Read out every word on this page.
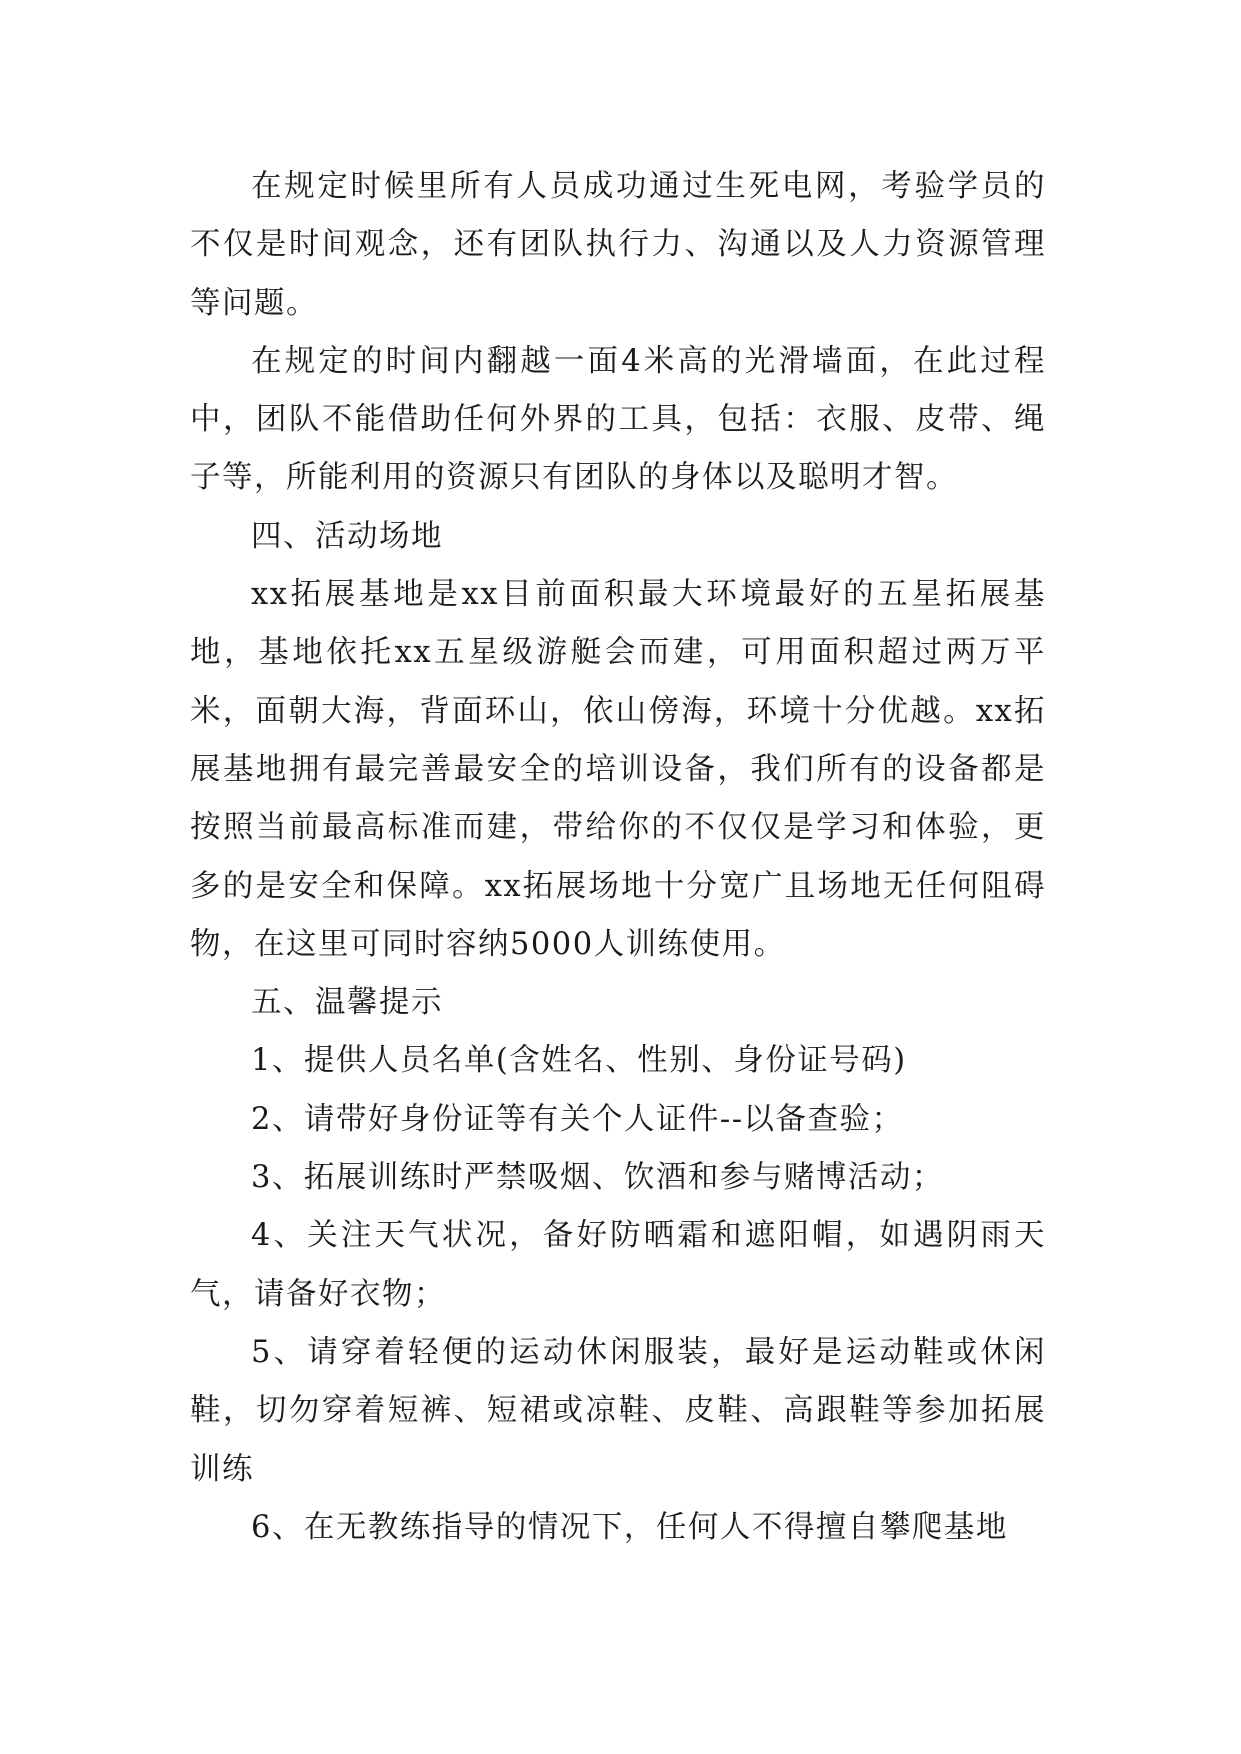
在规定时候里所有人员成功通过生死电网，考验学员的不仅是时间观念，还有团队执行力、沟通以及人力资源管理等问题。

在规定的时间内翻越一面4米高的光滑墙面，在此过程中，团队不能借助任何外界的工具，包括：衣服、皮带、绳子等，所能利用的资源只有团队的身体以及聪明才智。

四、活动场地

xx拓展基地是xx目前面积最大环境最好的五星拓展基地，基地依托xx五星级游艇会而建，可用面积超过两万平米，面朝大海，背面环山，依山傍海，环境十分优越。xx拓展基地拥有最完善最安全的培训设备，我们所有的设备都是按照当前最高标准而建，带给你的不仅仅是学习和体验，更多的是安全和保障。xx拓展场地十分宽广且场地无任何阻碍物，在这里可同时容纳5000人训练使用。

五、温馨提示

1、提供人员名单(含姓名、性别、身份证号码)

2、请带好身份证等有关个人证件--以备查验；

3、拓展训练时严禁吸烟、饮酒和参与赌博活动；

4、关注天气状况，备好防晒霜和遮阳帽，如遇阴雨天气，请备好衣物；

5、请穿着轻便的运动休闲服装，最好是运动鞋或休闲鞋，切勿穿着短裤、短裙或凉鞋、皮鞋、高跟鞋等参加拓展训练

6、在无教练指导的情况下，任何人不得擅自攀爬基地
